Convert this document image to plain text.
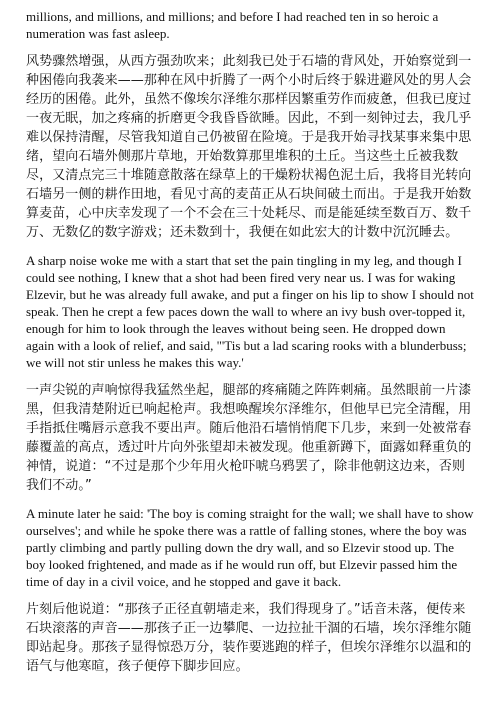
millions, and millions, and millions; and before I had reached ten in so heroic a numeration was fast asleep.

风势骤然增强，从西方强劲吹来；此刻我已处于石墙的背风处，开始察觉到一种困倦向我袭来——那种在风中折腾了一两个小时后终于躲进避风处的男人会经历的困倦。此外，虽然不像埃尔泽维尔那样因繁重劳作而疲惫，但我已度过一夜无眠，加之疼痛的折磨更令我昏昏欲睡。因此，不到一刻钟过去，我几乎难以保持清醒，尽管我知道自己仍被留在险境。于是我开始寻找某事来集中思绪，望向石墙外侧那片草地，开始数算那里堆积的土丘。当这些土丘被我数尽，又清点完三十堆随意散落在绿草上的干燥粉状褐色泥土后，我将目光转向石墙另一侧的耕作田地，看见寸高的麦苗正从石块间破土而出。于是我开始数算麦苗，心中庆幸发现了一个不会在三十处耗尽、而是能延续至数百万、数千万、无数亿的数字游戏；还未数到十，我便在如此宏大的计数中沉沉睡去。

A sharp noise woke me with a start that set the pain tingling in my leg, and though I could see nothing, I knew that a shot had been fired very near us. I was for waking Elzevir, but he was already full awake, and put a finger on his lip to show I should not speak. Then he crept a few paces down the wall to where an ivy bush over-topped it, enough for him to look through the leaves without being seen. He dropped down again with a look of relief, and said, "'Tis but a lad scaring rooks with a blunderbuss; we will not stir unless he makes this way.'

一声尖锐的声响惊得我猛然坐起，腿部的疼痛随之阵阵刺痛。虽然眼前一片漆黑，但我清楚附近已响起枪声。我想唤醒埃尔泽维尔，但他早已完全清醒，用手指抵住嘴唇示意我不要出声。随后他沿石墙悄悄爬下几步，来到一处被常春藤覆盖的高点，透过叶片向外张望却未被发现。他重新蹲下，面露如释重负的神情，说道：“不过是那个少年用火枪吓唬乌鸦罢了，除非他朝这边来，否则我们不动。”

A minute later he said: 'The boy is coming straight for the wall; we shall have to show ourselves'; and while he spoke there was a rattle of falling stones, where the boy was partly climbing and partly pulling down the dry wall, and so Elzevir stood up. The boy looked frightened, and made as if he would run off, but Elzevir passed him the time of day in a civil voice, and he stopped and gave it back.

片刻后他说道：“那孩子正径直朝墙走来，我们得现身了。”话音未落，便传来石块滚落的声音——那孩子正一边攀爬、一边拉扯干涸的石墙，埃尔泽维尔随即站起身。那孩子显得惊恐万分，装作要逃跑的样子，但埃尔泽维尔以温和的语气与他寒暄，孩子便停下脚步回应。
